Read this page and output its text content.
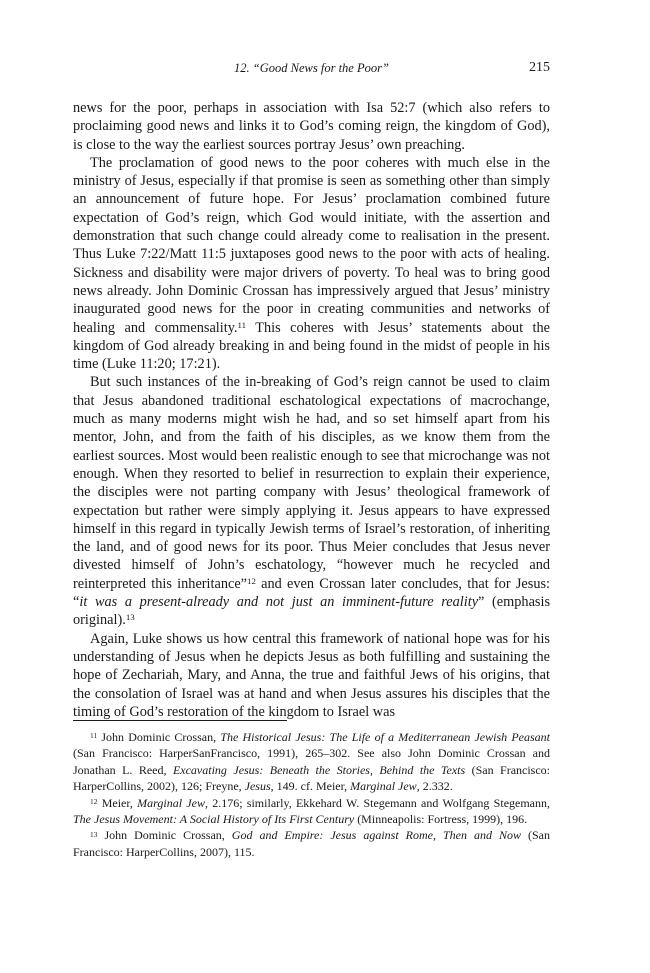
12. “Good News for the Poor”	215

news for the poor, perhaps in association with Isa 52:7 (which also refers to proclaiming good news and links it to God’s coming reign, the kingdom of God), is close to the way the earliest sources portray Jesus’ own preaching.

The proclamation of good news to the poor coheres with much else in the ministry of Jesus, especially if that promise is seen as something other than simply an announcement of future hope. For Jesus’ proclamation combined future expectation of God’s reign, which God would initiate, with the assertion and demonstration that such change could already come to realisation in the present. Thus Luke 7:22/Matt 11:5 juxtaposes good news to the poor with acts of healing. Sickness and disability were major drivers of poverty. To heal was to bring good news already. John Dominic Crossan has impressively argued that Jesus’ ministry inaugurated good news for the poor in creating communities and networks of healing and commensality.$^{11}$ This coheres with Jesus’ statements about the kingdom of God already breaking in and being found in the midst of people in his time (Luke 11:20; 17:21).

But such instances of the in-breaking of God’s reign cannot be used to claim that Jesus abandoned traditional eschatological expectations of macrochange, much as many moderns might wish he had, and so set himself apart from his mentor, John, and from the faith of his disciples, as we know them from the earliest sources. Most would been realistic enough to see that microchange was not enough. When they resorted to belief in resurrection to explain their experience, the disciples were not parting company with Jesus’ theological framework of expectation but rather were simply applying it. Jesus appears to have expressed himself in this regard in typically Jewish terms of Israel’s restoration, of inheriting the land, and of good news for its poor. Thus Meier concludes that Jesus never divested himself of John’s eschatology, “however much he recycled and reinterpreted this inheritance”$^{12}$ and even Crossan later concludes, that for Jesus: “it was a present-already and not just an imminent-future reality” (emphasis original).$^{13}$

Again, Luke shows us how central this framework of national hope was for his understanding of Jesus when he depicts Jesus as both fulfilling and sustaining the hope of Zechariah, Mary, and Anna, the true and faithful Jews of his origins, that the consolation of Israel was at hand and when Jesus assures his disciples that the timing of God’s restoration of the kingdom to Israel was

$^{11}$ John Dominic Crossan, The Historical Jesus: The Life of a Mediterranean Jewish Peasant (San Francisco: HarperSanFrancisco, 1991), 265–302. See also John Dominic Crossan and Jonathan L. Reed, Excavating Jesus: Beneath the Stories, Behind the Texts (San Francisco: HarperCollins, 2002), 126; Freyne, Jesus, 149. cf. Meier, Marginal Jew, 2.332.

$^{12}$ Meier, Marginal Jew, 2.176; similarly, Ekkehard W. Stegemann and Wolfgang Stegemann, The Jesus Movement: A Social History of Its First Century (Minneapolis: Fortress, 1999), 196.

$^{13}$ John Dominic Crossan, God and Empire: Jesus against Rome, Then and Now (San Francisco: HarperCollins, 2007), 115.
